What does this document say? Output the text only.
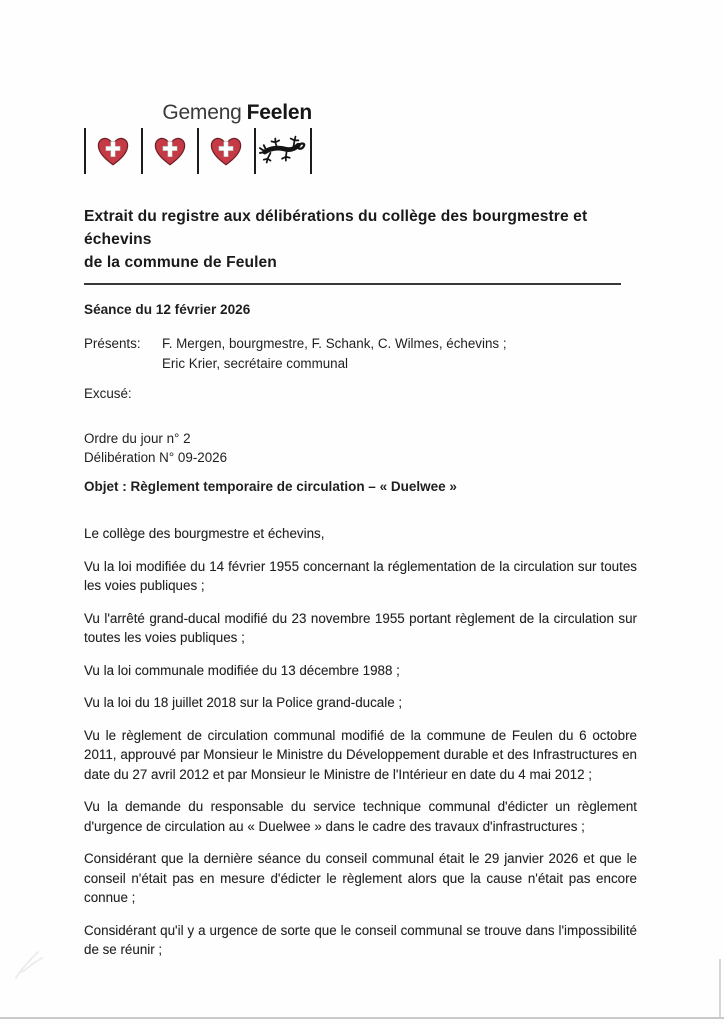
Gemeng Feelen
Extrait du registre aux délibérations du collège des bourgmestre et échevins
de la commune de Feulen
Séance du 12 février 2026
Présents:	F. Mergen, bourgmestre, F. Schank, C. Wilmes, échevins ;
Eric Krier, secrétaire communal
Excusé:
Ordre du jour n° 2
Délibération N° 09-2026
Objet : Règlement temporaire de circulation – « Duelwee »

Le collège des bourgmestre et échevins,

Vu la loi modifiée du 14 février 1955 concernant la réglementation de la circulation sur toutes les voies publiques ;

Vu l'arrêté grand-ducal modifié du 23 novembre 1955 portant règlement de la circulation sur toutes les voies publiques ;

Vu la loi communale modifiée du 13 décembre 1988 ;

Vu la loi du 18 juillet 2018 sur la Police grand-ducale ;

Vu le règlement de circulation communal modifié de la commune de Feulen du 6 octobre 2011, approuvé par Monsieur le Ministre du Développement durable et des Infrastructures en date du 27 avril 2012 et par Monsieur le Ministre de l'Intérieur en date du 4 mai 2012 ;

Vu la demande du responsable du service technique communal d'édicter un règlement d'urgence de circulation au « Duelwee » dans le cadre des travaux d'infrastructures ;

Considérant que la dernière séance du conseil communal était le 29 janvier 2026 et que le conseil n'était pas en mesure d'édicter le règlement alors que la cause n'était pas encore connue ;

Considérant qu'il y a urgence de sorte que le conseil communal se trouve dans l'impossibilité de se réunir ;
